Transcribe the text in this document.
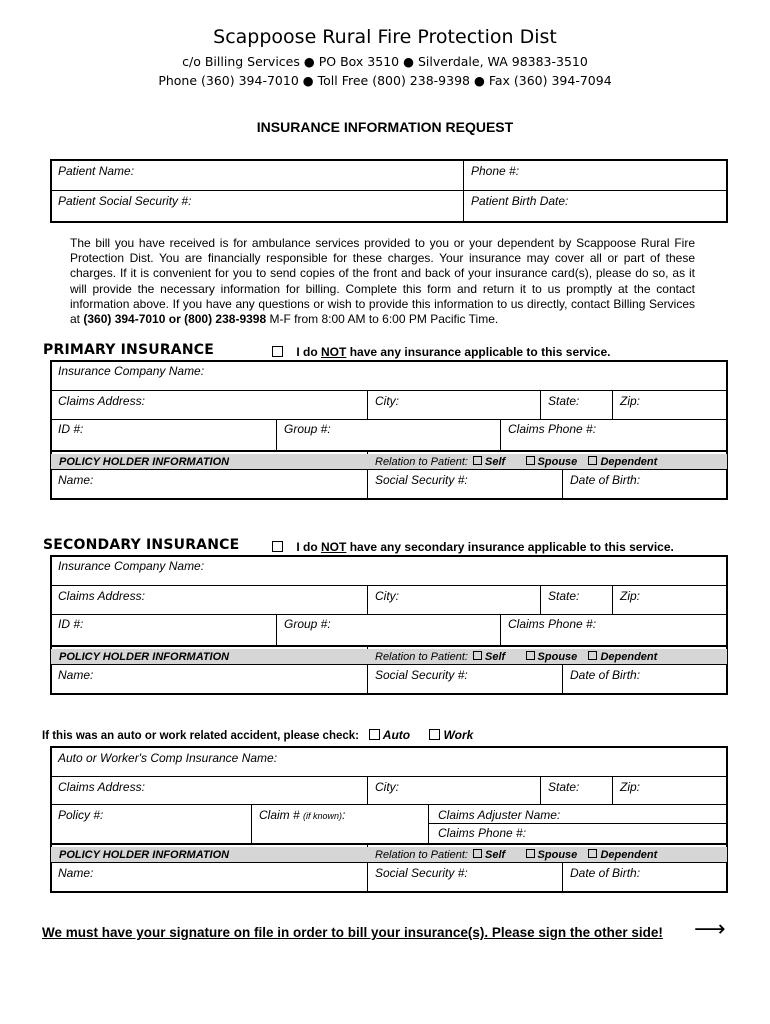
Scappoose Rural Fire Protection Dist
c/o Billing Services ● PO Box 3510 ● Silverdale, WA 98383-3510
Phone (360) 394-7010 ● Toll Free (800) 238-9398 ● Fax (360) 394-7094
INSURANCE INFORMATION REQUEST
Patient Name:	Phone #:
Patient Social Security #:	Patient Birth Date:
The bill you have received is for ambulance services provided to you or your dependent by Scappoose Rural Fire Protection Dist. You are financially responsible for these charges. Your insurance may cover all or part of these charges. If it is convenient for you to send copies of the front and back of your insurance card(s), please do so, as it will provide the necessary information for billing. Complete this form and return it to us promptly at the contact information above. If you have any questions or wish to provide this information to us directly, contact Billing Services at (360) 394-7010 or (800) 238-9398 M-F from 8:00 AM to 6:00 PM Pacific Time.
PRIMARY INSURANCE	I do NOT have any insurance applicable to this service.
Insurance Company Name:
Claims Address:	City:	State:	Zip:
ID #:	Group #:	Claims Phone #:
POLICY HOLDER INFORMATION	Relation to Patient: Self	Spouse Dependent
Name:	Social Security #:	Date of Birth:
SECONDARY INSURANCE	I do NOT have any secondary insurance applicable to this service.
Insurance Company Name:
Claims Address:	City:	State:	Zip:
ID #:	Group #:	Claims Phone #:
POLICY HOLDER INFORMATION	Relation to Patient: Self	Spouse Dependent
Name:	Social Security #:	Date of Birth:
If this was an auto or work related accident, please check: Auto	Work
Auto or Worker's Comp Insurance Name:
Claims Address:	City:	State:	Zip:
Policy #:	Claim # (if known):	Claims Adjuster Name:
Claims Phone #:
POLICY HOLDER INFORMATION	Relation to Patient: Self	Spouse Dependent
Name:	Social Security #:	Date of Birth:
We must have your signature on file in order to bill your insurance(s). Please sign the other side! ⟶
